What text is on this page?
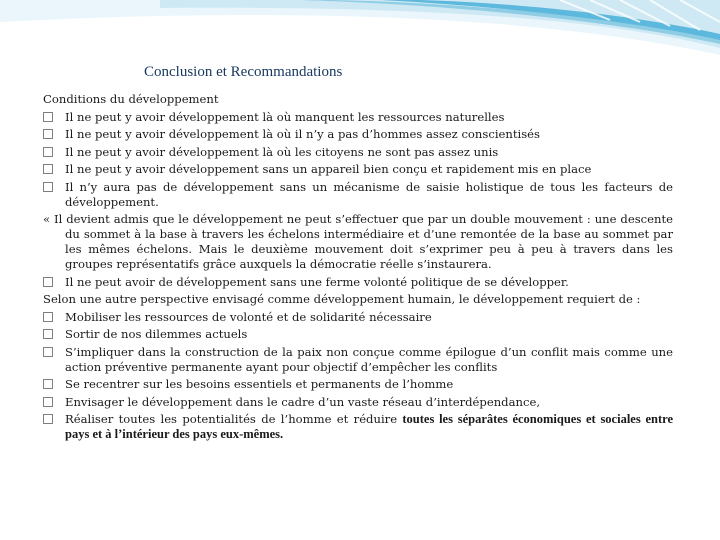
Conclusion et Recommandations
Conditions du développement
Il ne peut y avoir développement là où manquent les ressources naturelles
Il ne peut y avoir développement là où il n’y a pas d’hommes assez conscientisés
Il ne peut y avoir développement là où les citoyens ne sont pas assez unis
Il ne peut y avoir développement sans un appareil bien conçu et rapidement mis en place
Il n’y aura pas de développement sans un mécanisme de saisie holistique de tous les facteurs de développement.
« Il devient admis que le développement ne peut s’effectuer que par un double mouvement : une descente du sommet à la base à travers les échelons intermédiaire et d’une remontée de la base au sommet par les mêmes échelons. Mais le deuxième mouvement doit s’exprimer peu à peu à travers dans les groupes représentatifs grâce auxquels la démocratie réelle s’instaurera.
Il ne peut avoir de développement sans une ferme volonté politique de se développer.
Selon une autre perspective envisagé comme développement humain, le développement requiert de :
Mobiliser les ressources de volonté et de solidarité nécessaire
Sortir de nos dilemmes actuels
S’impliquer dans la construction de la paix non conçue comme épilogue d’un conflit mais comme une action préventive permanente ayant pour objectif d’empêcher les conflits
Se recentrer sur les besoins essentiels et permanents de l’homme
Envisager le développement dans le cadre d’un vaste réseau d’interdépendance,
Réaliser toutes les potentialités de l’homme et réduire toutes les séparâtes économiques et sociales entre pays et à l’intérieur des pays eux-mêmes.
